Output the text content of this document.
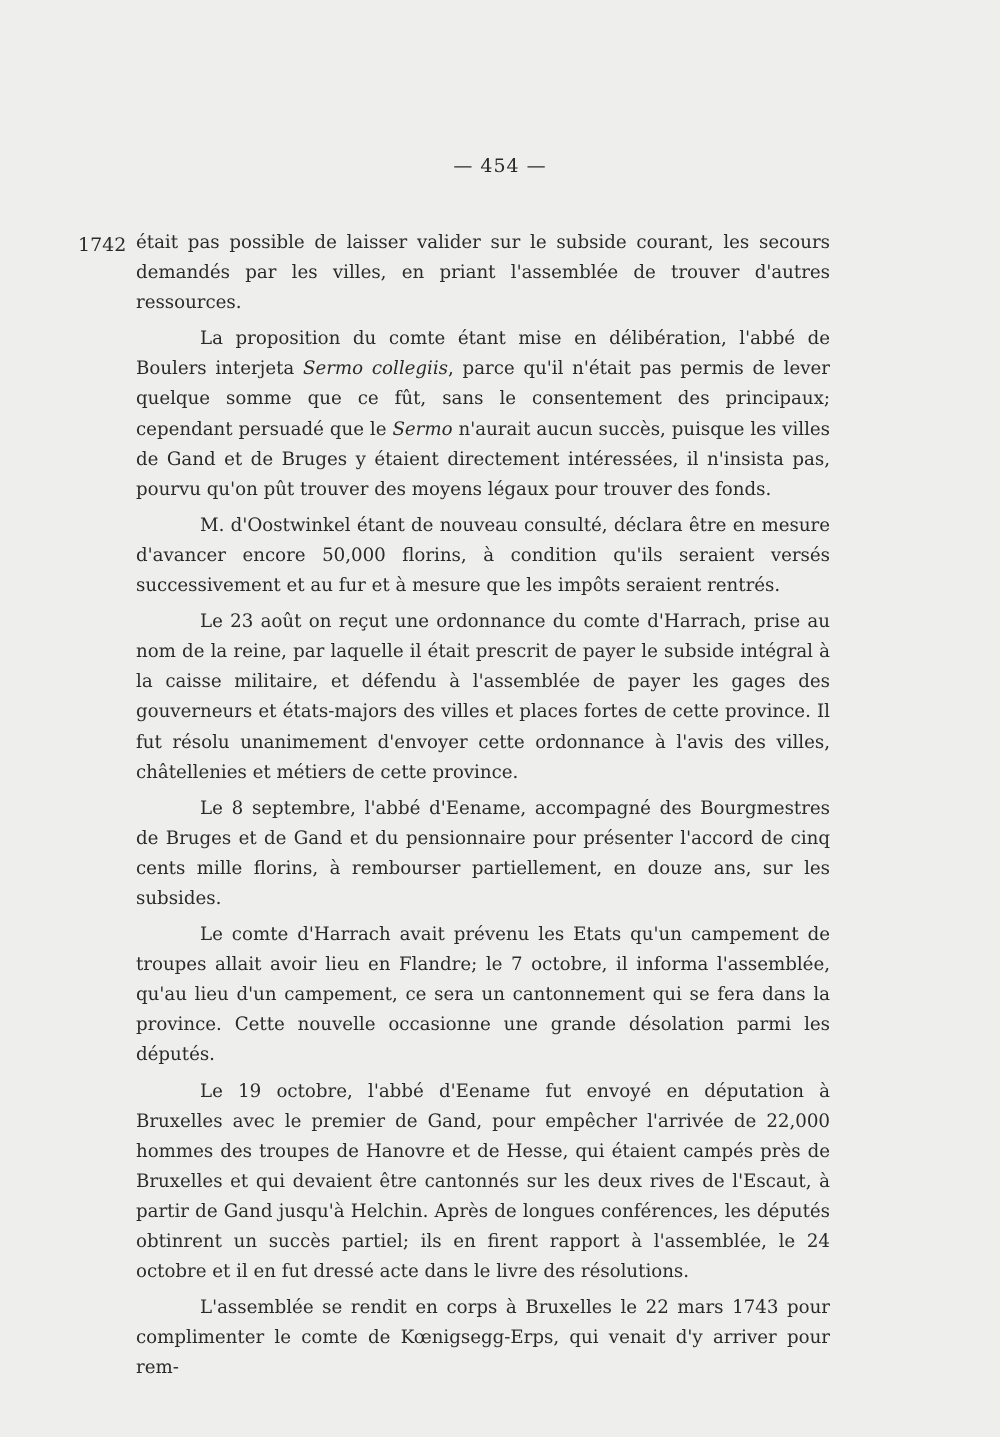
— 454 —
1742 était pas possible de laisser valider sur le subside courant, les secours demandés par les villes, en priant l'assemblée de trouver d'autres ressources.

La proposition du comte étant mise en délibération, l'abbé de Boulers interjeta Sermo collegiis, parce qu'il n'était pas permis de lever quelque somme que ce fût, sans le consentement des principaux; cependant persuadé que le Sermo n'aurait aucun succès, puisque les villes de Gand et de Bruges y étaient directement intéressées, il n'insista pas, pourvu qu'on pût trouver des moyens légaux pour trouver des fonds.

M. d'Oostwinkel étant de nouveau consulté, déclara être en mesure d'avancer encore 50,000 florins, à condition qu'ils seraient versés successivement et au fur et à mesure que les impôts seraient rentrés.

Le 23 août on reçut une ordonnance du comte d'Harrach, prise au nom de la reine, par laquelle il était prescrit de payer le subside intégral à la caisse militaire, et défendu à l'assemblée de payer les gages des gouverneurs et états-majors des villes et places fortes de cette province. Il fut résolu unanimement d'envoyer cette ordonnance à l'avis des villes, châtellenies et métiers de cette province.

Le 8 septembre, l'abbé d'Eename, accompagné des Bourgmestres de Bruges et de Gand et du pensionnaire pour présenter l'accord de cinq cents mille florins, à rembourser partiellement, en douze ans, sur les subsides.

Le comte d'Harrach avait prévenu les Etats qu'un campement de troupes allait avoir lieu en Flandre; le 7 octobre, il informa l'assemblée, qu'au lieu d'un campement, ce sera un cantonnement qui se fera dans la province. Cette nouvelle occasionne une grande désolation parmi les députés.

Le 19 octobre, l'abbé d'Eename fut envoyé en députation à Bruxelles avec le premier de Gand, pour empêcher l'arrivée de 22,000 hommes des troupes de Hanovre et de Hesse, qui étaient campés près de Bruxelles et qui devaient être cantonnés sur les deux rives de l'Escaut, à partir de Gand jusqu'à Helchin. Après de longues conférences, les députés obtinrent un succès partiel; ils en firent rapport à l'assemblée, le 24 octobre et il en fut dressé acte dans le livre des résolutions.

L'assemblée se rendit en corps à Bruxelles le 22 mars 1743 pour complimenter le comte de Kœnigsegg-Erps, qui venait d'y arriver pour rem-
